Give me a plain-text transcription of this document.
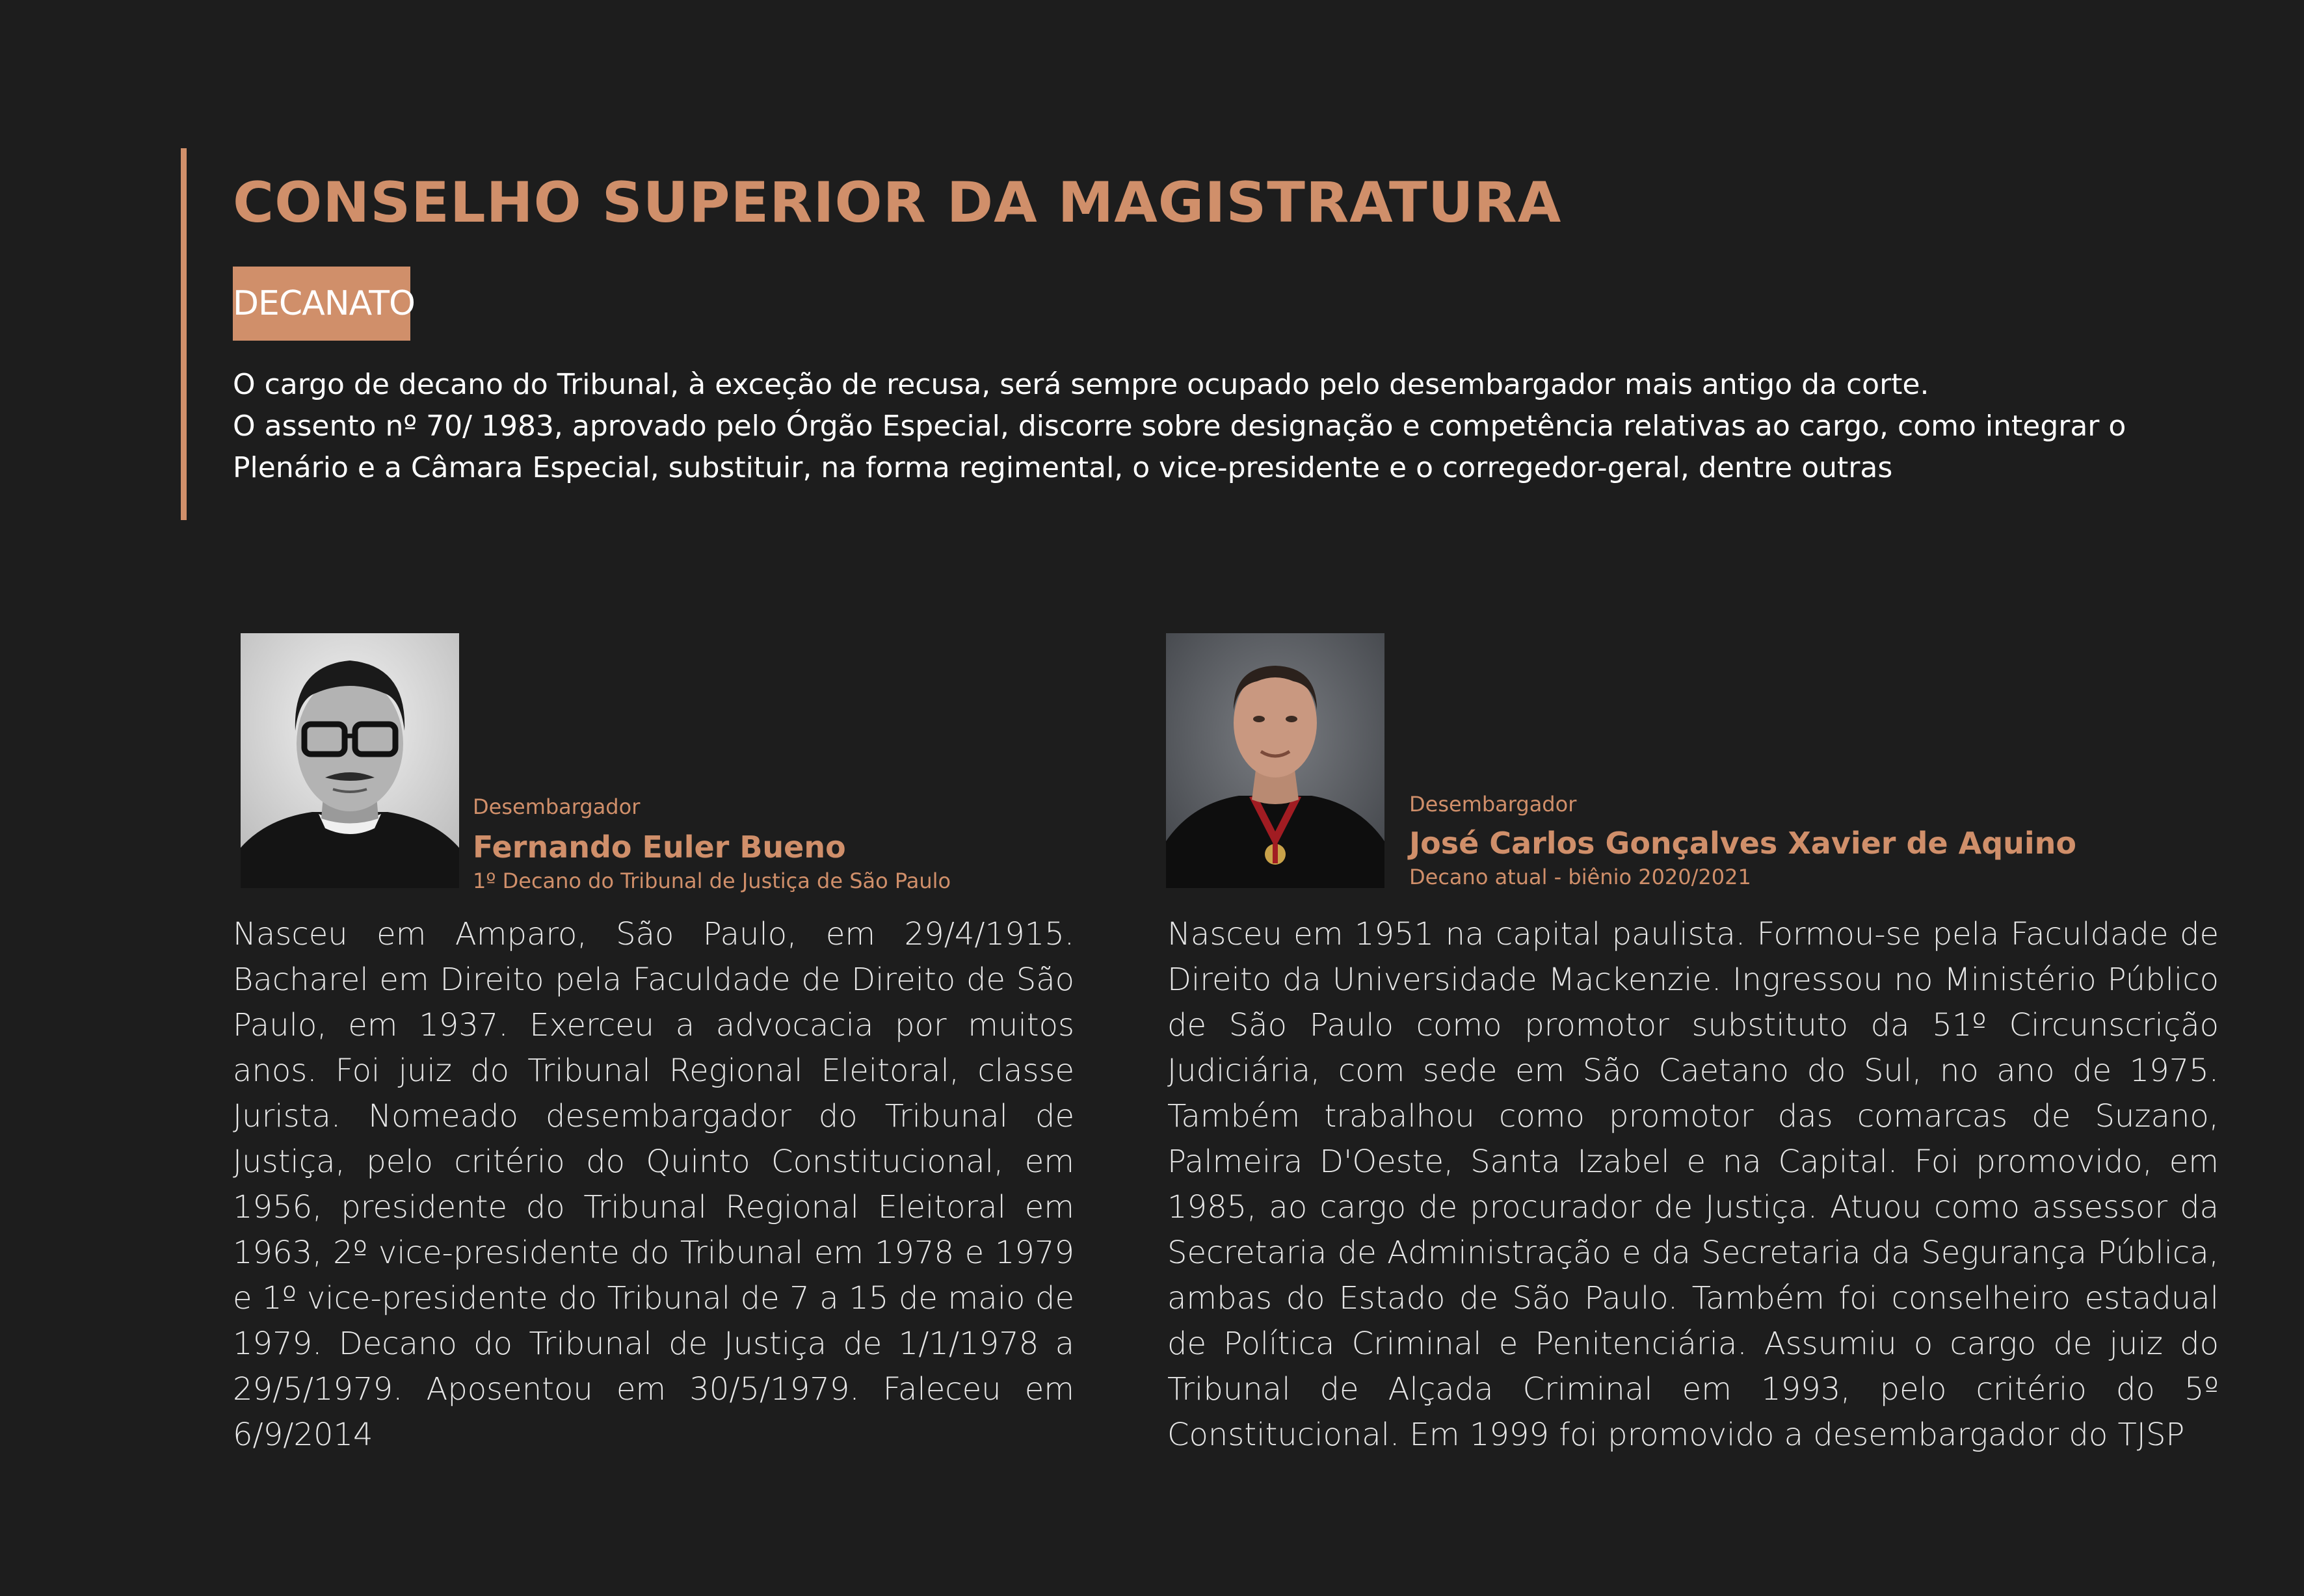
CONSELHO SUPERIOR DA MAGISTRATURA
DECANATO

O cargo de decano do Tribunal, à exceção de recusa, será sempre ocupado pelo desembargador mais antigo da corte.

O assento nº 70/ 1983, aprovado pelo Órgão Especial, discorre sobre designação e competência relativas ao cargo, como integrar o

Plenário e a Câmara Especial, substituir, na forma regimental, o vice-presidente e o corregedor-geral, dentre outras

Desembargador
Fernando Euler Bueno
1º Decano do Tribunal de Justiça de São Paulo

Nasceu em Amparo, São Paulo, em 29/4/1915. Bacharel em Direito pela Faculdade de Direito de São Paulo, em 1937. Exerceu a advocacia por muitos anos. Foi juiz do Tribunal Regional Eleitoral, classe Jurista. Nomeado desembargador do Tribunal de Justiça, pelo critério do Quinto Constitucional, em 1956, presidente do Tribunal Regional Eleitoral em 1963, 2º vice-presidente do Tribunal em 1978 e 1979 e 1º vice-presidente do Tribunal de 7 a 15 de maio de 1979. Decano do Tribunal de Justiça de 1/1/1978 a 29/5/1979. Aposentou em 30/5/1979. Faleceu em 6/9/2014

Desembargador
José Carlos Gonçalves Xavier de Aquino
Decano atual - biênio 2020/2021

Nasceu em 1951 na capital paulista. Formou-se pela Faculdade de Direito da Universidade Mackenzie. Ingressou no Ministério Público de São Paulo como promotor substituto da 51º Circunscrição Judiciária, com sede em São Caetano do Sul, no ano de 1975. Também trabalhou como promotor das comarcas de Suzano, Palmeira D'Oeste, Santa Izabel e na Capital. Foi promovido, em 1985, ao cargo de procurador de Justiça. Atuou como assessor da Secretaria de Administração e da Secretaria da Segurança Pública, ambas do Estado de São Paulo. Também foi conselheiro estadual de Política Criminal e Penitenciária. Assumiu o cargo de juiz do Tribunal de Alçada Criminal em 1993, pelo critério do 5º Constitucional. Em 1999 foi promovido a desembargador do TJSP
